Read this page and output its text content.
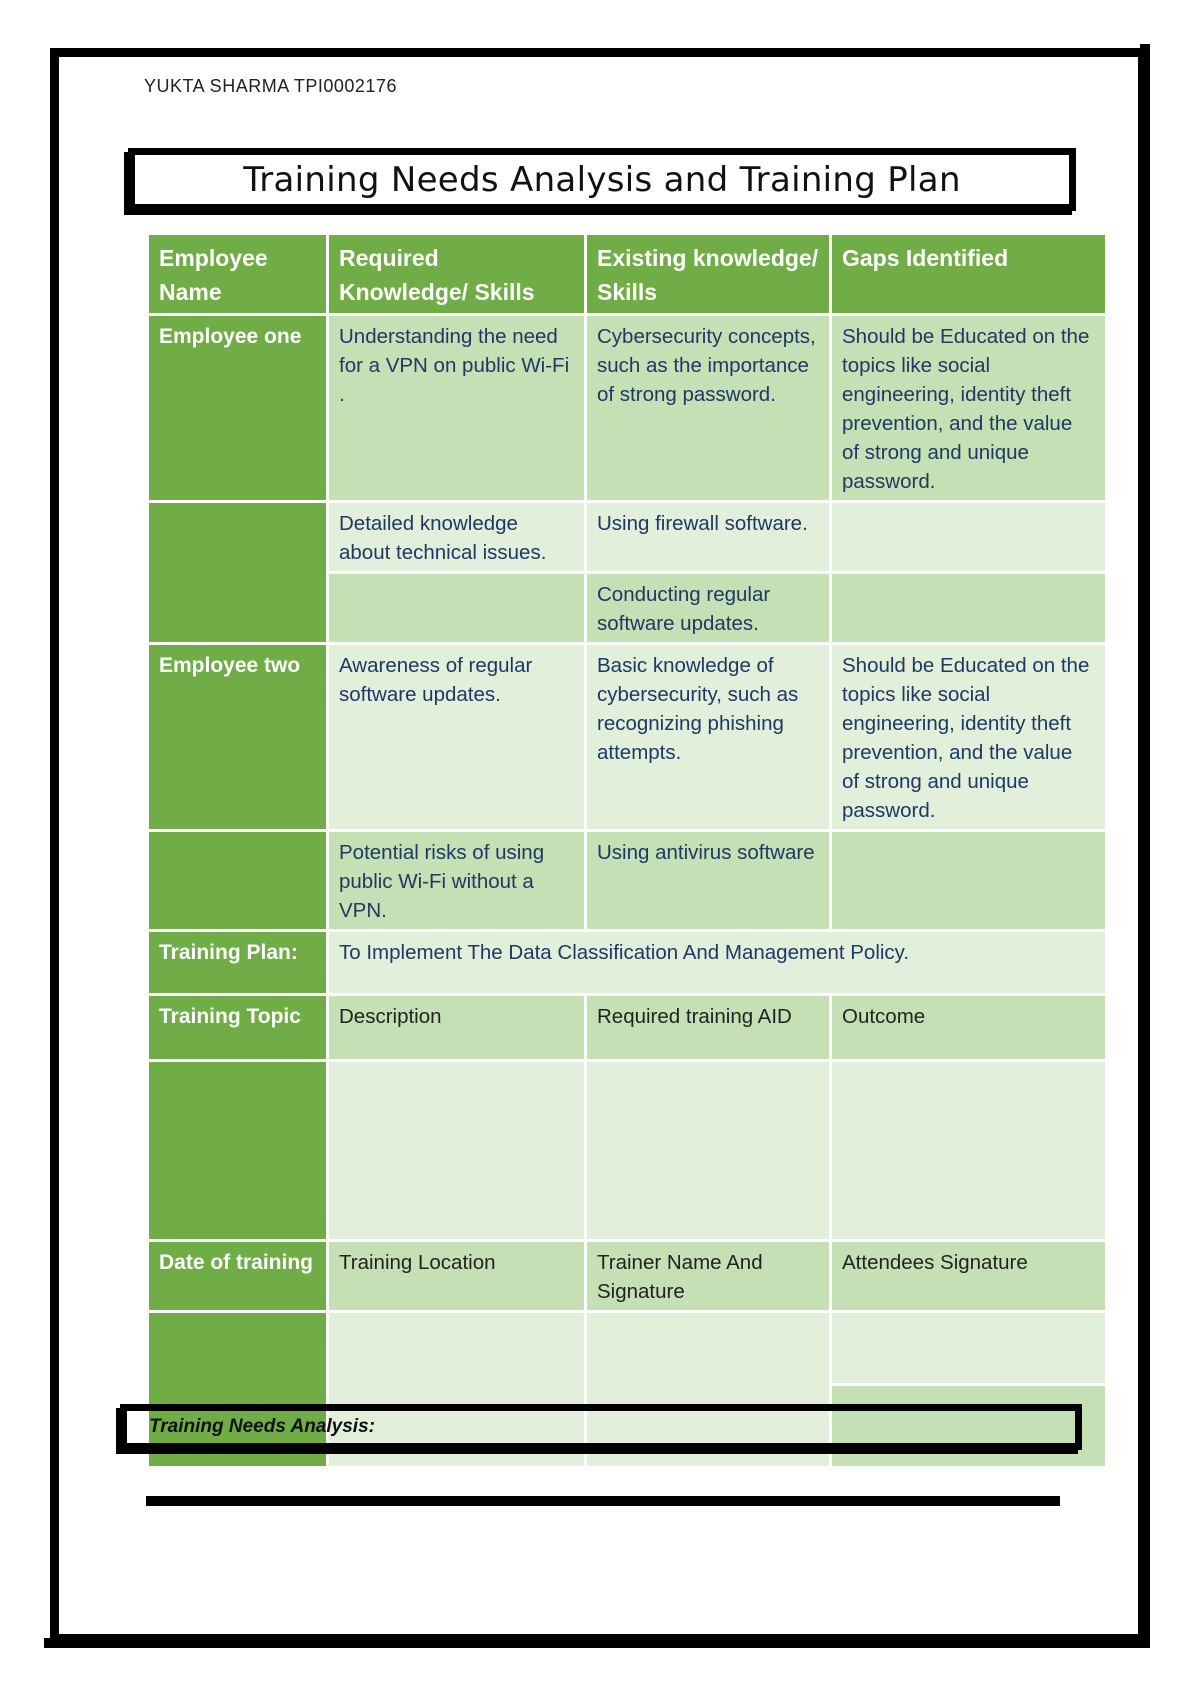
YUKTA SHARMA TPI0002176
Training Needs Analysis and Training Plan
Employee Name	Required Knowledge/ Skills	Existing knowledge/ Skills	Gaps Identified
Employee one	Understanding the need for a VPN on public Wi-Fi .	Cybersecurity concepts, such as the importance of strong password.	Should be Educated on the topics like social engineering, identity theft prevention, and the value of strong and unique password.
	Detailed knowledge about technical issues.	Using firewall software.	
		Conducting regular software updates.	
Employee two	Awareness of regular software updates.	Basic knowledge of cybersecurity, such as recognizing phishing attempts.	Should be Educated on the topics like social engineering, identity theft prevention, and the value of strong and unique password.
	Potential risks of using public Wi-Fi without a VPN.	Using antivirus software	
Training Plan:	To Implement The Data Classification And Management Policy.		
Training Topic	Description	Required training AID	Outcome

Date of training	Training Location	Trainer Name And Signature	Attendees Signature

Training Needs Analysis:
